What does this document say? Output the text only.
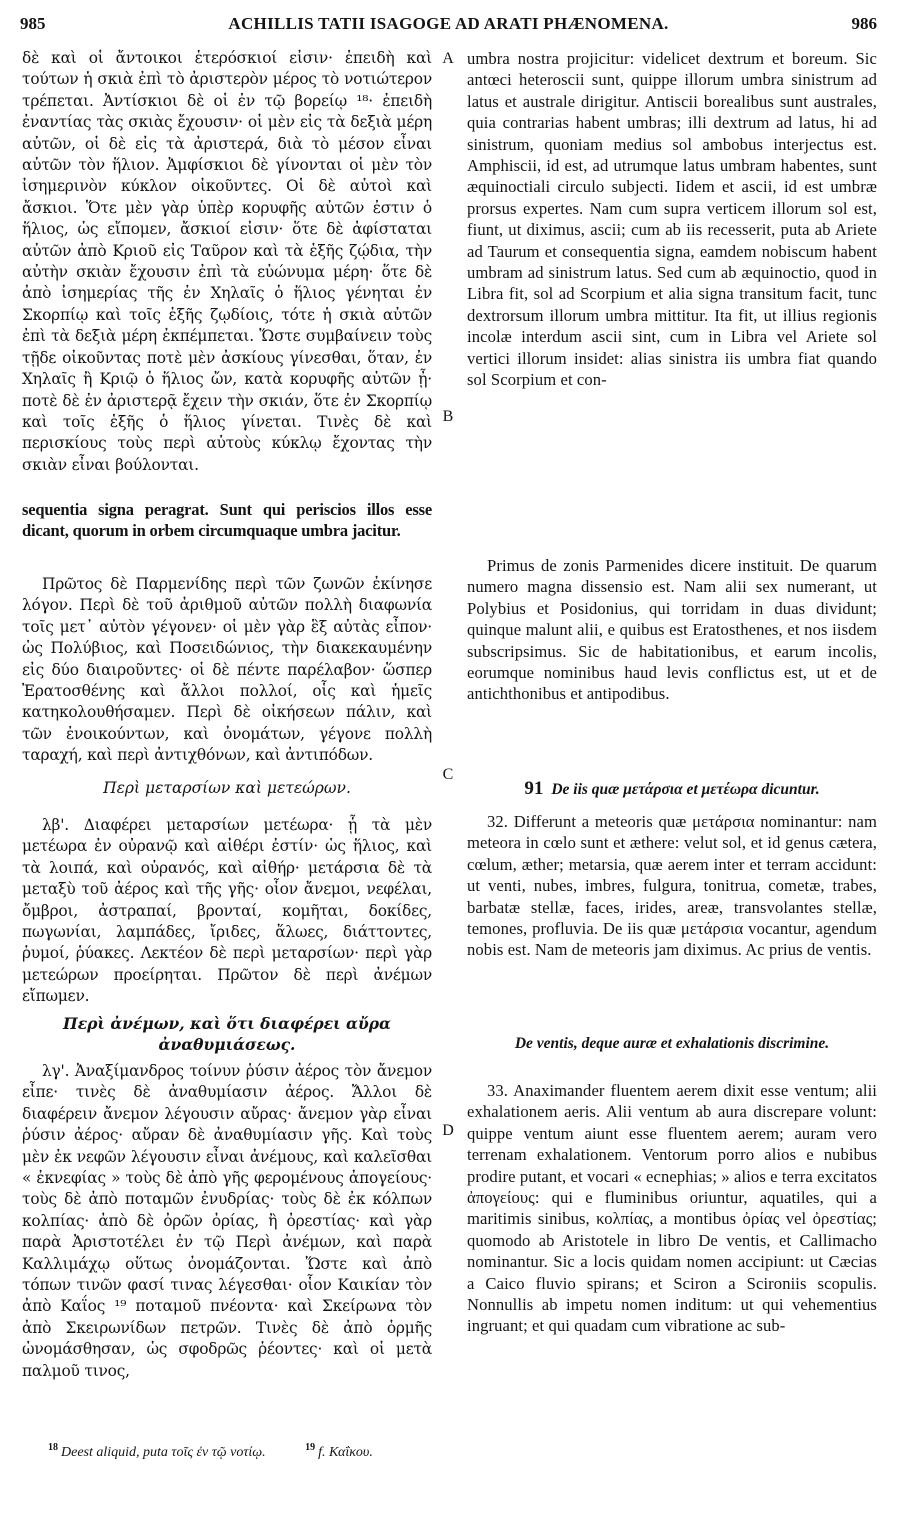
985	ACHILLIS TATII ISAGOGE AD ARATI PHÆNOMENA.	986

δὲ καὶ οἱ ἄντοικοι ἑτερόσκιοί εἰσιν· ἐπειδὴ καὶ τούτων ἡ σκιὰ ἐπὶ τὸ ἀριστερὸν μέρος τὸ νοτιώτερον τρέπεται. Ἀντίσκιοι δὲ οἱ ἐν τῷ βορείῳ ¹⁸· ἐπειδὴ ἐναντίας τὰς σκιὰς ἔχουσιν· οἱ μὲν εἰς τὰ δεξιὰ μέρη αὐτῶν, οἱ δὲ εἰς τὰ ἀριστερά, διὰ τὸ μέσον εἶναι αὐτῶν τὸν ἥλιον. Ἀμφίσκιοι δὲ γίνονται οἱ μὲν τὸν ἰσημερινὸν κύκλον οἰκοῦντες. Οἱ δὲ αὐτοὶ καὶ ἄσκιοι. Ὅτε μὲν γὰρ ὑπὲρ κορυφῆς αὐτῶν ἐστιν ὁ ἥλιος, ὡς εἴπομεν, ἄσκιοί εἰσιν· ὅτε δὲ ἀφίσταται αὐτῶν ἀπὸ Κριοῦ εἰς Ταῦρον καὶ τὰ ἑξῆς ζῴδια, τὴν αὐτὴν σκιὰν ἔχουσιν ἐπὶ τὰ εὐώνυμα μέρη· ὅτε δὲ ἀπὸ ἰσημερίας τῆς ἐν Χηλαῖς ὁ ἥλιος γένηται ἐν Σκορπίῳ καὶ τοῖς ἑξῆς ζῳδίοις, τότε ἡ σκιὰ αὐτῶν ἐπὶ τὰ δεξιὰ μέρη ἐκπέμπεται. Ὥστε συμβαίνειν τοὺς τῇδε οἰκοῦντας ποτὲ μὲν ἀσκίους γίνεσθαι, ὅταν, ἐν Χηλαῖς ἢ Κριῷ ὁ ἥλιος ὤν, κατὰ κορυφῆς αὐτῶν ᾖ· ποτὲ δὲ ἐν ἀριστερᾷ ἔχειν τὴν σκιάν, ὅτε ἐν Σκορπίῳ καὶ τοῖς ἑξῆς ὁ ἥλιος γίνεται. Τινὲς δὲ καὶ περισκίους τοὺς περὶ αὐτοὺς κύκλῳ ἔχοντας τὴν σκιὰν εἶναι βούλονται.

sequentia signa peragrat. Sunt qui periscios illos esse dicant, quorum in orbem circumquaque umbra jacitur.

Πρῶτος δὲ Παρμενίδης περὶ τῶν ζωνῶν ἐκίνησε λόγον. Περὶ δὲ τοῦ ἀριθμοῦ αὐτῶν πολλὴ διαφωνία τοῖς μετ᾽ αὐτὸν γέγονεν· οἱ μὲν γὰρ ἓξ αὐτὰς εἶπον· ὡς Πολύβιος, καὶ Ποσειδώνιος, τὴν διακεκαυμένην εἰς δύο διαιροῦντες· οἱ δὲ πέντε παρέλαβον· ὥσπερ Ἐρατοσθένης καὶ ἄλλοι πολλοί, οἷς καὶ ἡμεῖς κατηκολουθήσαμεν. Περὶ δὲ οἰκήσεων πάλιν, καὶ τῶν ἐνοικούντων, καὶ ὀνομάτων, γέγονε πολλὴ ταραχή, καὶ περὶ ἀντιχθόνων, καὶ ἀντιπόδων.

Περὶ μεταρσίων καὶ μετεώρων.

λβ'. Διαφέρει μεταρσίων μετέωρα· ᾗ τὰ μὲν μετέωρα ἐν οὐρανῷ καὶ αἰθέρι ἐστίν· ὡς ἥλιος, καὶ τὰ λοιπά, καὶ οὐρανός, καὶ αἰθήρ· μετάρσια δὲ τὰ μεταξὺ τοῦ ἀέρος καὶ τῆς γῆς· οἷον ἄνεμοι, νεφέλαι, ὄμβροι, ἀστραπαί, βρονταί, κομῆται, δοκίδες, πωγωνίαι, λαμπάδες, ἴριδες, ἅλωες, διάττοντες, ῥυμοί, ῥύακες. Λεκτέον δὲ περὶ μεταρσίων· περὶ γὰρ μετεώρων προείρηται. Πρῶτον δὲ περὶ ἀνέμων εἴπωμεν.

Περὶ ἀνέμων, καὶ ὅτι διαφέρει αὔρα ἀναθυμιάσεως.

λγ'. Ἀναξίμανδρος τοίνυν ῥύσιν ἀέρος τὸν ἄνεμον εἶπε· τινὲς δὲ ἀναθυμίασιν ἀέρος. Ἄλλοι δὲ διαφέρειν ἄνεμον λέγουσιν αὔρας· ἄνεμον γὰρ εἶναι ῥύσιν ἀέρος· αὔραν δὲ ἀναθυμίασιν γῆς. Καὶ τοὺς μὲν ἐκ νεφῶν λέγουσιν εἶναι ἀνέμους, καὶ καλεῖσθαι « ἐκνεφίας » τοὺς δὲ ἀπὸ γῆς φερομένους ἀπογείους· τοὺς δὲ ἀπὸ ποταμῶν ἐνυδρίας· τοὺς δὲ ἐκ κόλπων κολπίας· ἀπὸ δὲ ὀρῶν ὀρίας, ἢ ὀρεστίας· καὶ γὰρ παρὰ Ἀριστοτέλει ἐν τῷ Περὶ ἀνέμων, καὶ παρὰ Καλλιμάχῳ οὕτως ὀνομάζονται. Ὥστε καὶ ἀπὸ τόπων τινῶν φασί τινας λέγεσθαι· οἷον Καικίαν τὸν ἀπὸ Καΐος ¹⁹ ποταμοῦ πνέοντα· καὶ Σκείρωνα τὸν ἀπὸ Σκειρωνίδων πετρῶν. Τινὲς δὲ ἀπὸ ὁρμῆς ὠνομάσθησαν, ὡς σφοδρῶς ῥέοντες· καὶ οἱ μετὰ παλμοῦ τινος,

A
B
C
D

umbra nostra projicitur: videlicet dextrum et boreum. Sic antœci heteroscii sunt, quippe illorum umbra sinistrum ad latus et australe dirigitur. Antiscii borealibus sunt australes, quia contrarias habent umbras; illi dextrum ad latus, hi ad sinistrum, quoniam medius sol ambobus interjectus est. Amphiscii, id est, ad utrumque latus umbram habentes, sunt æquinoctiali circulo subjecti. Iidem et ascii, id est umbræ prorsus expertes. Nam cum supra verticem illorum sol est, fiunt, ut diximus, ascii; cum ab iis recesserit, puta ab Ariete ad Taurum et consequentia signa, eamdem nobiscum habent umbram ad sinistrum latus. Sed cum ab æquinoctio, quod in Libra fit, sol ad Scorpium et alia signa transitum facit, tunc dextrorsum illorum umbra mittitur. Ita fit, ut illius regionis incolæ interdum ascii sint, cum in Libra vel Ariete sol vertici illorum insidet: alias sinistra iis umbra fiat quando sol Scorpium et con-

Primus de zonis Parmenides dicere instituit. De quarum numero magna dissensio est. Nam alii sex numerant, ut Polybius et Posidonius, qui torridam in duas dividunt; quinque malunt alii, e quibus est Eratosthenes, et nos iisdem subscripsimus. Sic de habitationibus, et earum incolis, eorumque nominibus haud levis conflictus est, ut et de antichthonibus et antipodibus.

91 De iis quæ μετάρσια et μετέωρα dicuntur.

32. Differunt a meteoris quæ μετάρσια nominantur: nam meteora in cœlo sunt et æthere: velut sol, et id genus cætera, cœlum, æther; metarsia, quæ aerem inter et terram accidunt: ut venti, nubes, imbres, fulgura, tonitrua, cometæ, trabes, barbatæ stellæ, faces, irides, areæ, transvolantes stellæ, temones, profluvia. De iis quæ μετάρσια vocantur, agendum nobis est. Nam de meteoris jam diximus. Ac prius de ventis.

De ventis, deque auræ et exhalationis discrimine.

33. Anaximander fluentem aerem dixit esse ventum; alii exhalationem aeris. Alii ventum ab aura discrepare volunt: quippe ventum aiunt esse fluentem aerem; auram vero terrenam exhalationem. Ventorum porro alios e nubibus prodire putant, et vocari « ecnephias; » alios e terra excitatos ἀπογείους: qui e fluminibus oriuntur, aquatiles, qui a maritimis sinibus, κολπίας, a montibus ὀρίας vel ὀρεστίας; quomodo ab Aristotele in libro De ventis, et Callimacho nominantur. Sic a locis quidam nomen accipiunt: ut Cæcias a Caico fluvio spirans; et Sciron a Scironiis scopulis. Nonnullis ab impetu nomen inditum: ut qui vehementius ingruant; et qui quadam cum vibratione ac sub-

$^{18}$ Deest aliquid, puta τοῖς ἐν τῷ νοτίῳ.	$^{19}$ f. Καΐκου.
